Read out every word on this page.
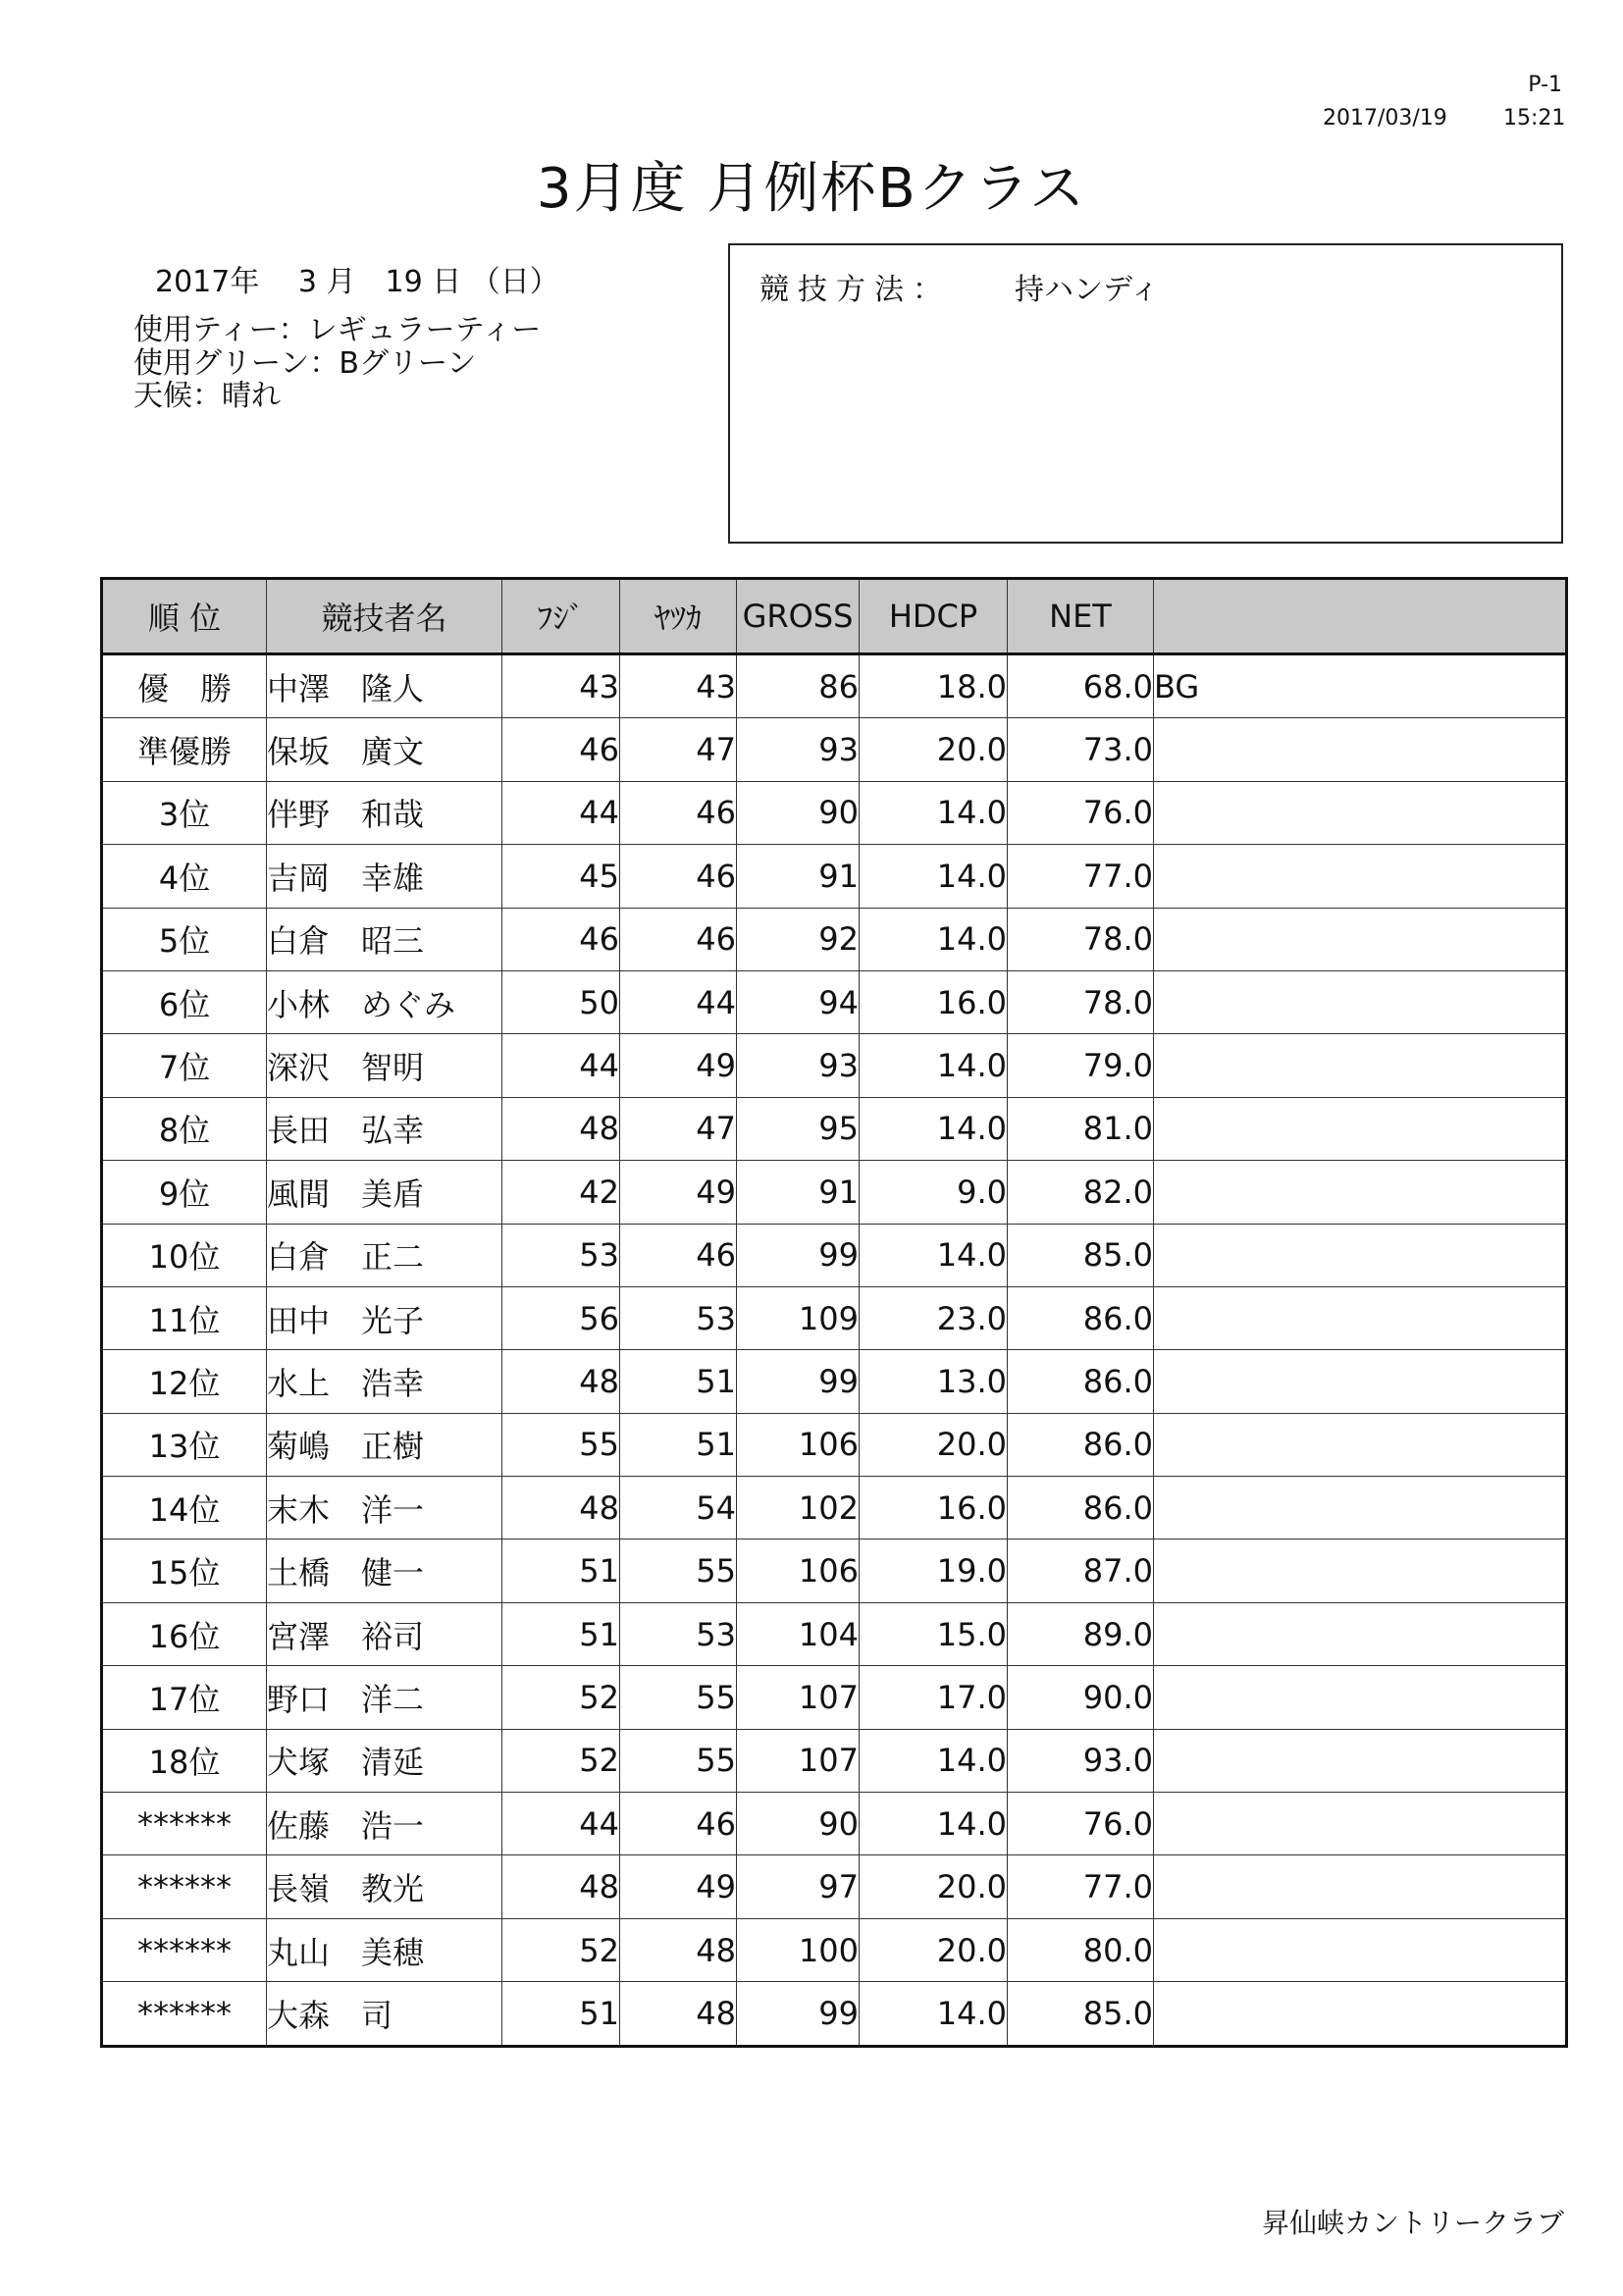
P-1
2017/03/19	15:21
3月度 月例杯Bクラス
2017年　 3 月　19 日 （日）
使用ティー：レギュラーティー
使用グリーン：Bグリーン
天候：晴れ
競技方法： 持ハンディ
順 位	競技者名	ﾌｼﾞ	ﾔﾂｶ	GROSS	HDCP	NET	
優　勝	中澤　隆人	43	43	86	18.0	68.0	BG
準優勝	保坂　廣文	46	47	93	20.0	73.0	
3位	伴野　和哉	44	46	90	14.0	76.0	
4位	吉岡　幸雄	45	46	91	14.0	77.0	
5位	白倉　昭三	46	46	92	14.0	78.0	
6位	小林　めぐみ	50	44	94	16.0	78.0	
7位	深沢　智明	44	49	93	14.0	79.0	
8位	長田　弘幸	48	47	95	14.0	81.0	
9位	風間　美盾	42	49	91	9.0	82.0	
10位	白倉　正二	53	46	99	14.0	85.0	
11位	田中　光子	56	53	109	23.0	86.0	
12位	水上　浩幸	48	51	99	13.0	86.0	
13位	菊嶋　正樹	55	51	106	20.0	86.0	
14位	末木　洋一	48	54	102	16.0	86.0	
15位	土橋　健一	51	55	106	19.0	87.0	
16位	宮澤　裕司	51	53	104	15.0	89.0	
17位	野口　洋二	52	55	107	17.0	90.0	
18位	犬塚　清延	52	55	107	14.0	93.0	
******	佐藤　浩一	44	46	90	14.0	76.0	
******	長嶺　教光	48	49	97	20.0	77.0	
******	丸山　美穂	52	48	100	20.0	80.0	
******	大森　司	51	48	99	14.0	85.0	
昇仙峡カントリークラブ
